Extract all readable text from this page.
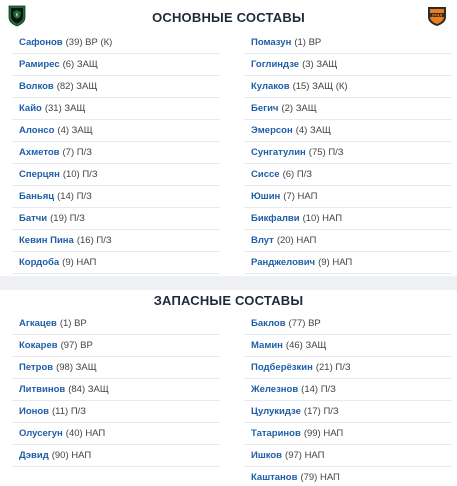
ОСНОВНЫЕ СОСТАВЫ
K	УРАЛ
Сафонов (39) ВР (К)
Рамирес (6) ЗАЩ
Волков (82) ЗАЩ
Кайо (31) ЗАЩ
Алонсо (4) ЗАЩ
Ахметов (7) П/З
Сперцян (10) П/З
Баньяц (14) П/З
Батчи (19) П/З
Кевин Пина (16) П/З
Кордоба (9) НАП
Помазун (1) ВР
Гоглиндзе (3) ЗАЩ
Кулаков (15) ЗАЩ (К)
Бегич (2) ЗАЩ
Эмерсон (4) ЗАЩ
Сунгатулин (75) П/З
Сиссе (6) П/З
Юшин (7) НАП
Бикфалви (10) НАП
Влут (20) НАП
Ранджелович (9) НАП
ЗАПАСНЫЕ СОСТАВЫ
Агкацев (1) ВР
Кокарев (97) ВР
Петров (98) ЗАЩ
Литвинов (84) ЗАЩ
Ионов (11) П/З
Олусегун (40) НАП
Дэвид (90) НАП
Баклов (77) ВР
Мамин (46) ЗАЩ
Подберёзкин (21) П/З
Железнов (14) П/З
Цулукидзе (17) П/З
Татаринов (99) НАП
Ишков (97) НАП
Каштанов (79) НАП
